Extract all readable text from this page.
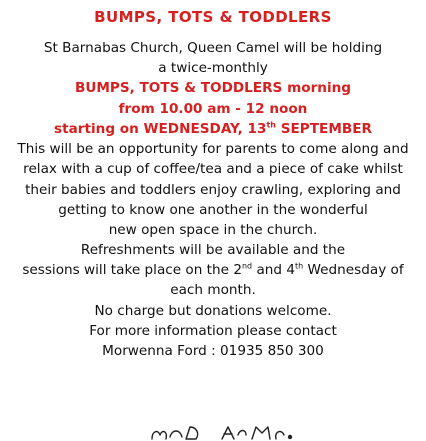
BUMPS, TOTS & TODDLERS
St Barnabas Church, Queen Camel will be holding
a twice-monthly
BUMPS, TOTS & TODDLERS morning
from 10.00 am - 12 noon
starting on WEDNESDAY, 13th SEPTEMBER
This will be an opportunity for parents to come along and
relax with a cup of coffee/tea and a piece of cake whilst
their babies and toddlers enjoy crawling, exploring and
getting to know one another in the wonderful
new open space in the church.
Refreshments will be available and the
sessions will take place on the 2nd and 4th Wednesday of
each month.
No charge but donations welcome.
For more information please contact
Morwenna Ford : 01935 850 300
